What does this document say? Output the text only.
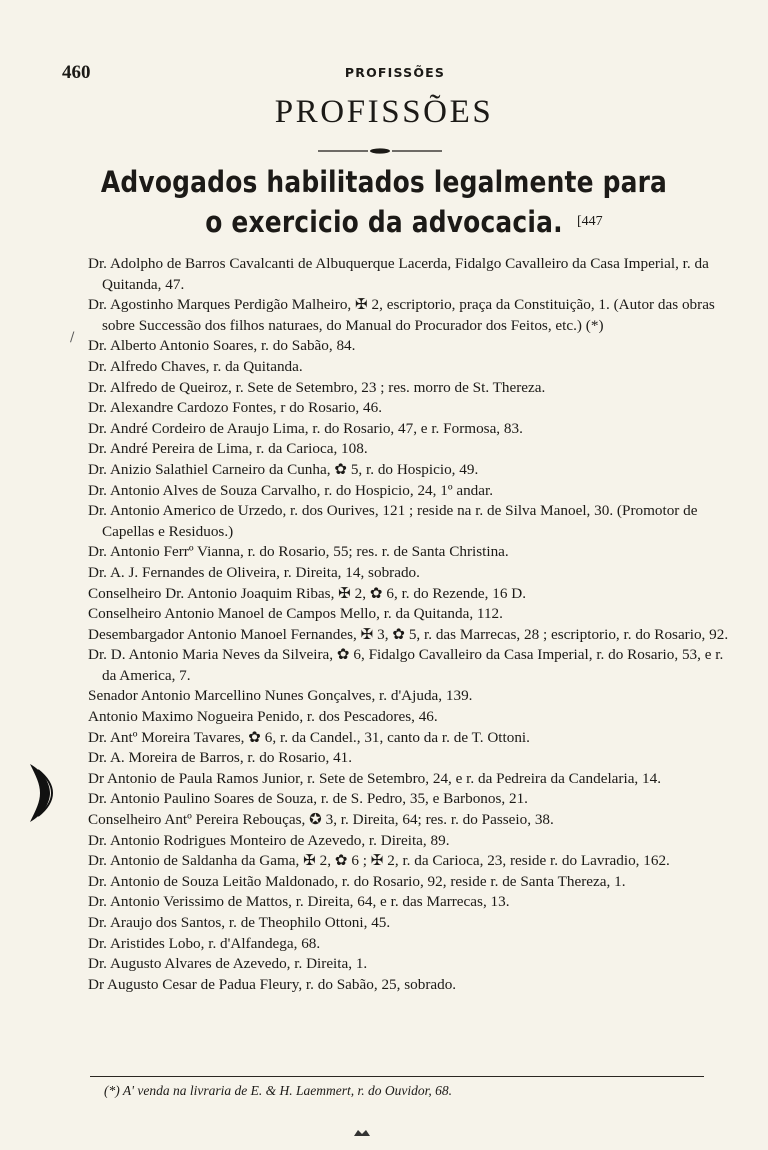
460	PROFISSÕES
PROFISSÕES
Advogados habilitados legalmente para
o exercicio da advocacia.	[447
/

Dr. Adolpho de Barros Cavalcanti de Albuquerque Lacerda, Fidalgo Cavalleiro da Casa Imperial, r. da Quitanda, 47.

Dr. Agostinho Marques Perdigão Malheiro, ✠ 2, escriptorio, praça da Constituição, 1. (Autor das obras sobre Successão dos filhos naturaes, do Manual do Procurador dos Feitos, etc.) (*)

Dr. Alberto Antonio Soares, r. do Sabão, 84.

Dr. Alfredo Chaves, r. da Quitanda.

Dr. Alfredo de Queiroz, r. Sete de Setembro, 23 ; res. morro de St. Thereza.

Dr. Alexandre Cardozo Fontes, r do Rosario, 46.

Dr. André Cordeiro de Araujo Lima, r. do Rosario, 47, e r. Formosa, 83.

Dr. André Pereira de Lima, r. da Carioca, 108.

Dr. Anizio Salathiel Carneiro da Cunha, ✿ 5, r. do Hospicio, 49.

Dr. Antonio Alves de Souza Carvalho, r. do Hospicio, 24, 1º andar.

Dr. Antonio Americo de Urzedo, r. dos Ourives, 121 ; reside na r. de Silva Manoel, 30. (Promotor de Capellas e Residuos.)

Dr. Antonio Ferrº Vianna, r. do Rosario, 55; res. r. de Santa Christina.

Dr. A. J. Fernandes de Oliveira, r. Direita, 14, sobrado.

Conselheiro Dr. Antonio Joaquim Ribas, ✠ 2, ✿ 6, r. do Rezende, 16 D.

Conselheiro Antonio Manoel de Campos Mello, r. da Quitanda, 112.

Desembargador Antonio Manoel Fernandes, ✠ 3, ✿ 5, r. das Marrecas, 28 ; escriptorio, r. do Rosario, 92.

Dr. D. Antonio Maria Neves da Silveira, ✿ 6, Fidalgo Cavalleiro da Casa Imperial, r. do Rosario, 53, e r. da America, 7.

Senador Antonio Marcellino Nunes Gonçalves, r. d'Ajuda, 139.

Antonio Maximo Nogueira Penido, r. dos Pescadores, 46.

Dr. Antº Moreira Tavares, ✿ 6, r. da Candel., 31, canto da r. de T. Ottoni.

Dr. A. Moreira de Barros, r. do Rosario, 41.

Dr Antonio de Paula Ramos Junior, r. Sete de Setembro, 24, e r. da Pedreira da Candelaria, 14.

Dr. Antonio Paulino Soares de Souza, r. de S. Pedro, 35, e Barbonos, 21.

Conselheiro Antº Pereira Rebouças, ✪ 3, r. Direita, 64; res. r. do Passeio, 38.

Dr. Antonio Rodrigues Monteiro de Azevedo, r. Direita, 89.

Dr. Antonio de Saldanha da Gama, ✠ 2, ✿ 6 ; ✠ 2, r. da Carioca, 23, reside r. do Lavradio, 162.

Dr. Antonio de Souza Leitão Maldonado, r. do Rosario, 92, reside r. de Santa Thereza, 1.

Dr. Antonio Verissimo de Mattos, r. Direita, 64, e r. das Marrecas, 13.

Dr. Araujo dos Santos, r. de Theophilo Ottoni, 45.

Dr. Aristides Lobo, r. d'Alfandega, 68.

Dr. Augusto Alvares de Azevedo, r. Direita, 1.

Dr Augusto Cesar de Padua Fleury, r. do Sabão, 25, sobrado.

(*) A' venda na livraria de E. & H. Laemmert, r. do Ouvidor, 68.
